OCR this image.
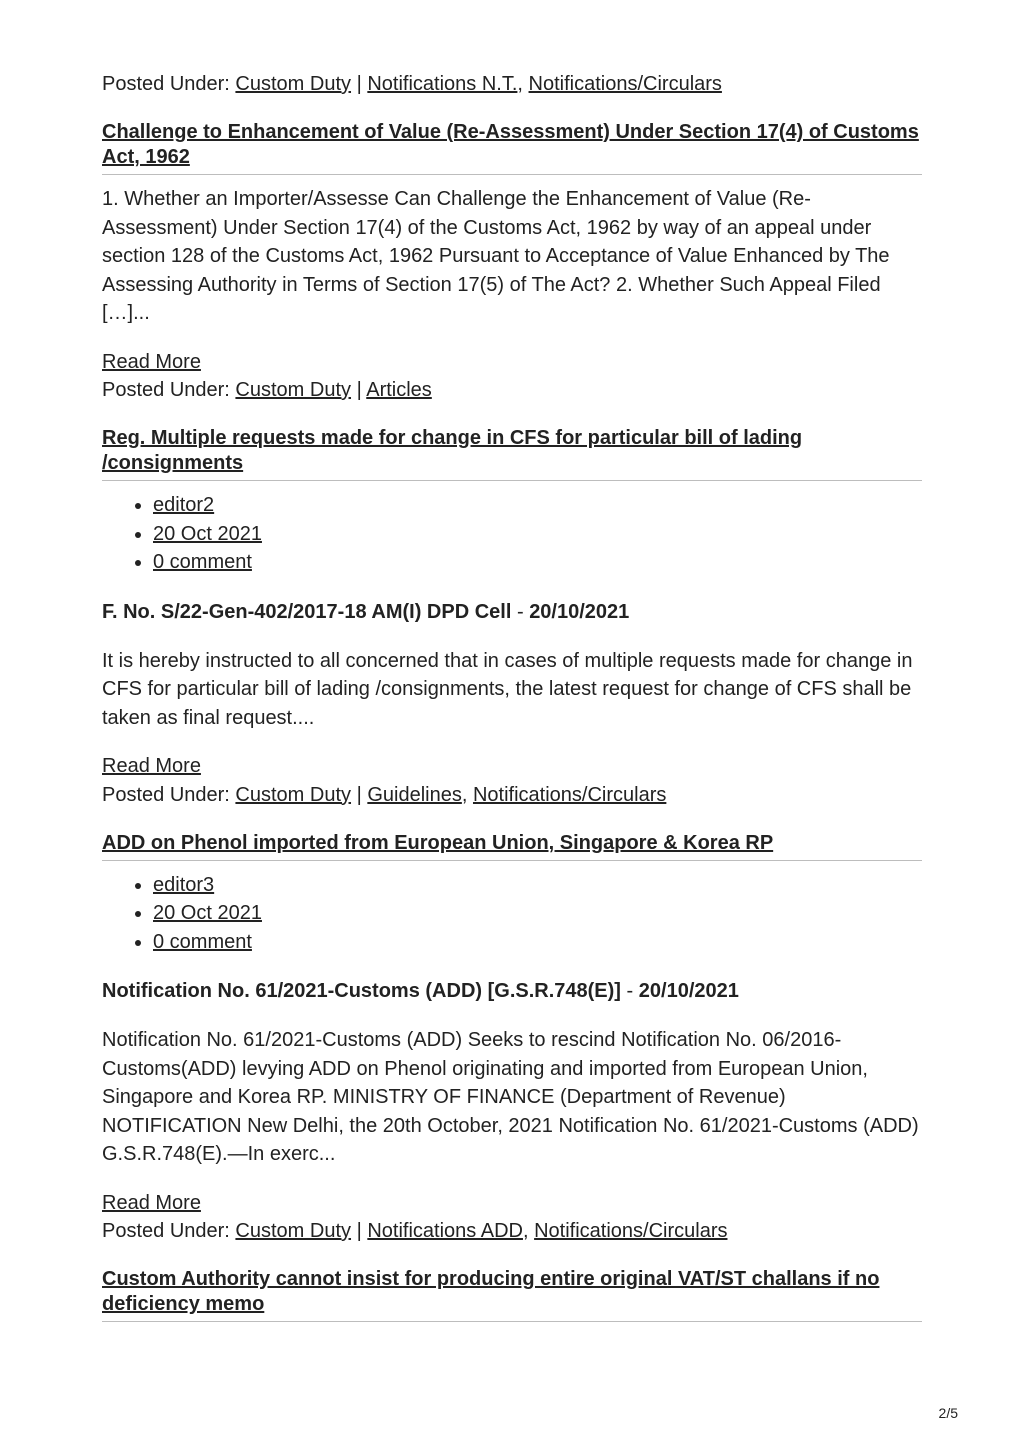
Posted Under: Custom Duty | Notifications N.T., Notifications/Circulars

Challenge to Enhancement of Value (Re-Assessment) Under Section 17(4) of Customs Act, 1962

1. Whether an Importer/Assesse Can Challenge the Enhancement of Value (Re-Assessment) Under Section 17(4) of the Customs Act, 1962 by way of an appeal under section 128 of the Customs Act, 1962 Pursuant to Acceptance of Value Enhanced by The Assessing Authority in Terms of Section 17(5) of The Act? 2. Whether Such Appeal Filed […]...

Read More

Posted Under: Custom Duty | Articles

Reg. Multiple requests made for change in CFS for particular bill of lading /consignments
• editor2
• 20 Oct 2021
• 0 comment

F. No. S/22-Gen-402/2017-18 AM(I) DPD Cell - 20/10/2021

It is hereby instructed to all concerned that in cases of multiple requests made for change in CFS for particular bill of lading /consignments, the latest request for change of CFS shall be taken as final request....

Read More

Posted Under: Custom Duty | Guidelines, Notifications/Circulars

ADD on Phenol imported from European Union, Singapore & Korea RP
• editor3
• 20 Oct 2021
• 0 comment

Notification No. 61/2021-Customs (ADD) [G.S.R.748(E)] - 20/10/2021

Notification No. 61/2021-Customs (ADD) Seeks to rescind Notification No. 06/2016-Customs(ADD) levying ADD on Phenol originating and imported from European Union, Singapore and Korea RP. MINISTRY OF FINANCE (Department of Revenue) NOTIFICATION New Delhi, the 20th October, 2021 Notification No. 61/2021-Customs (ADD) G.S.R.748(E).—In exerc...

Read More

Posted Under: Custom Duty | Notifications ADD, Notifications/Circulars

Custom Authority cannot insist for producing entire original VAT/ST challans if no deficiency memo
2/5
